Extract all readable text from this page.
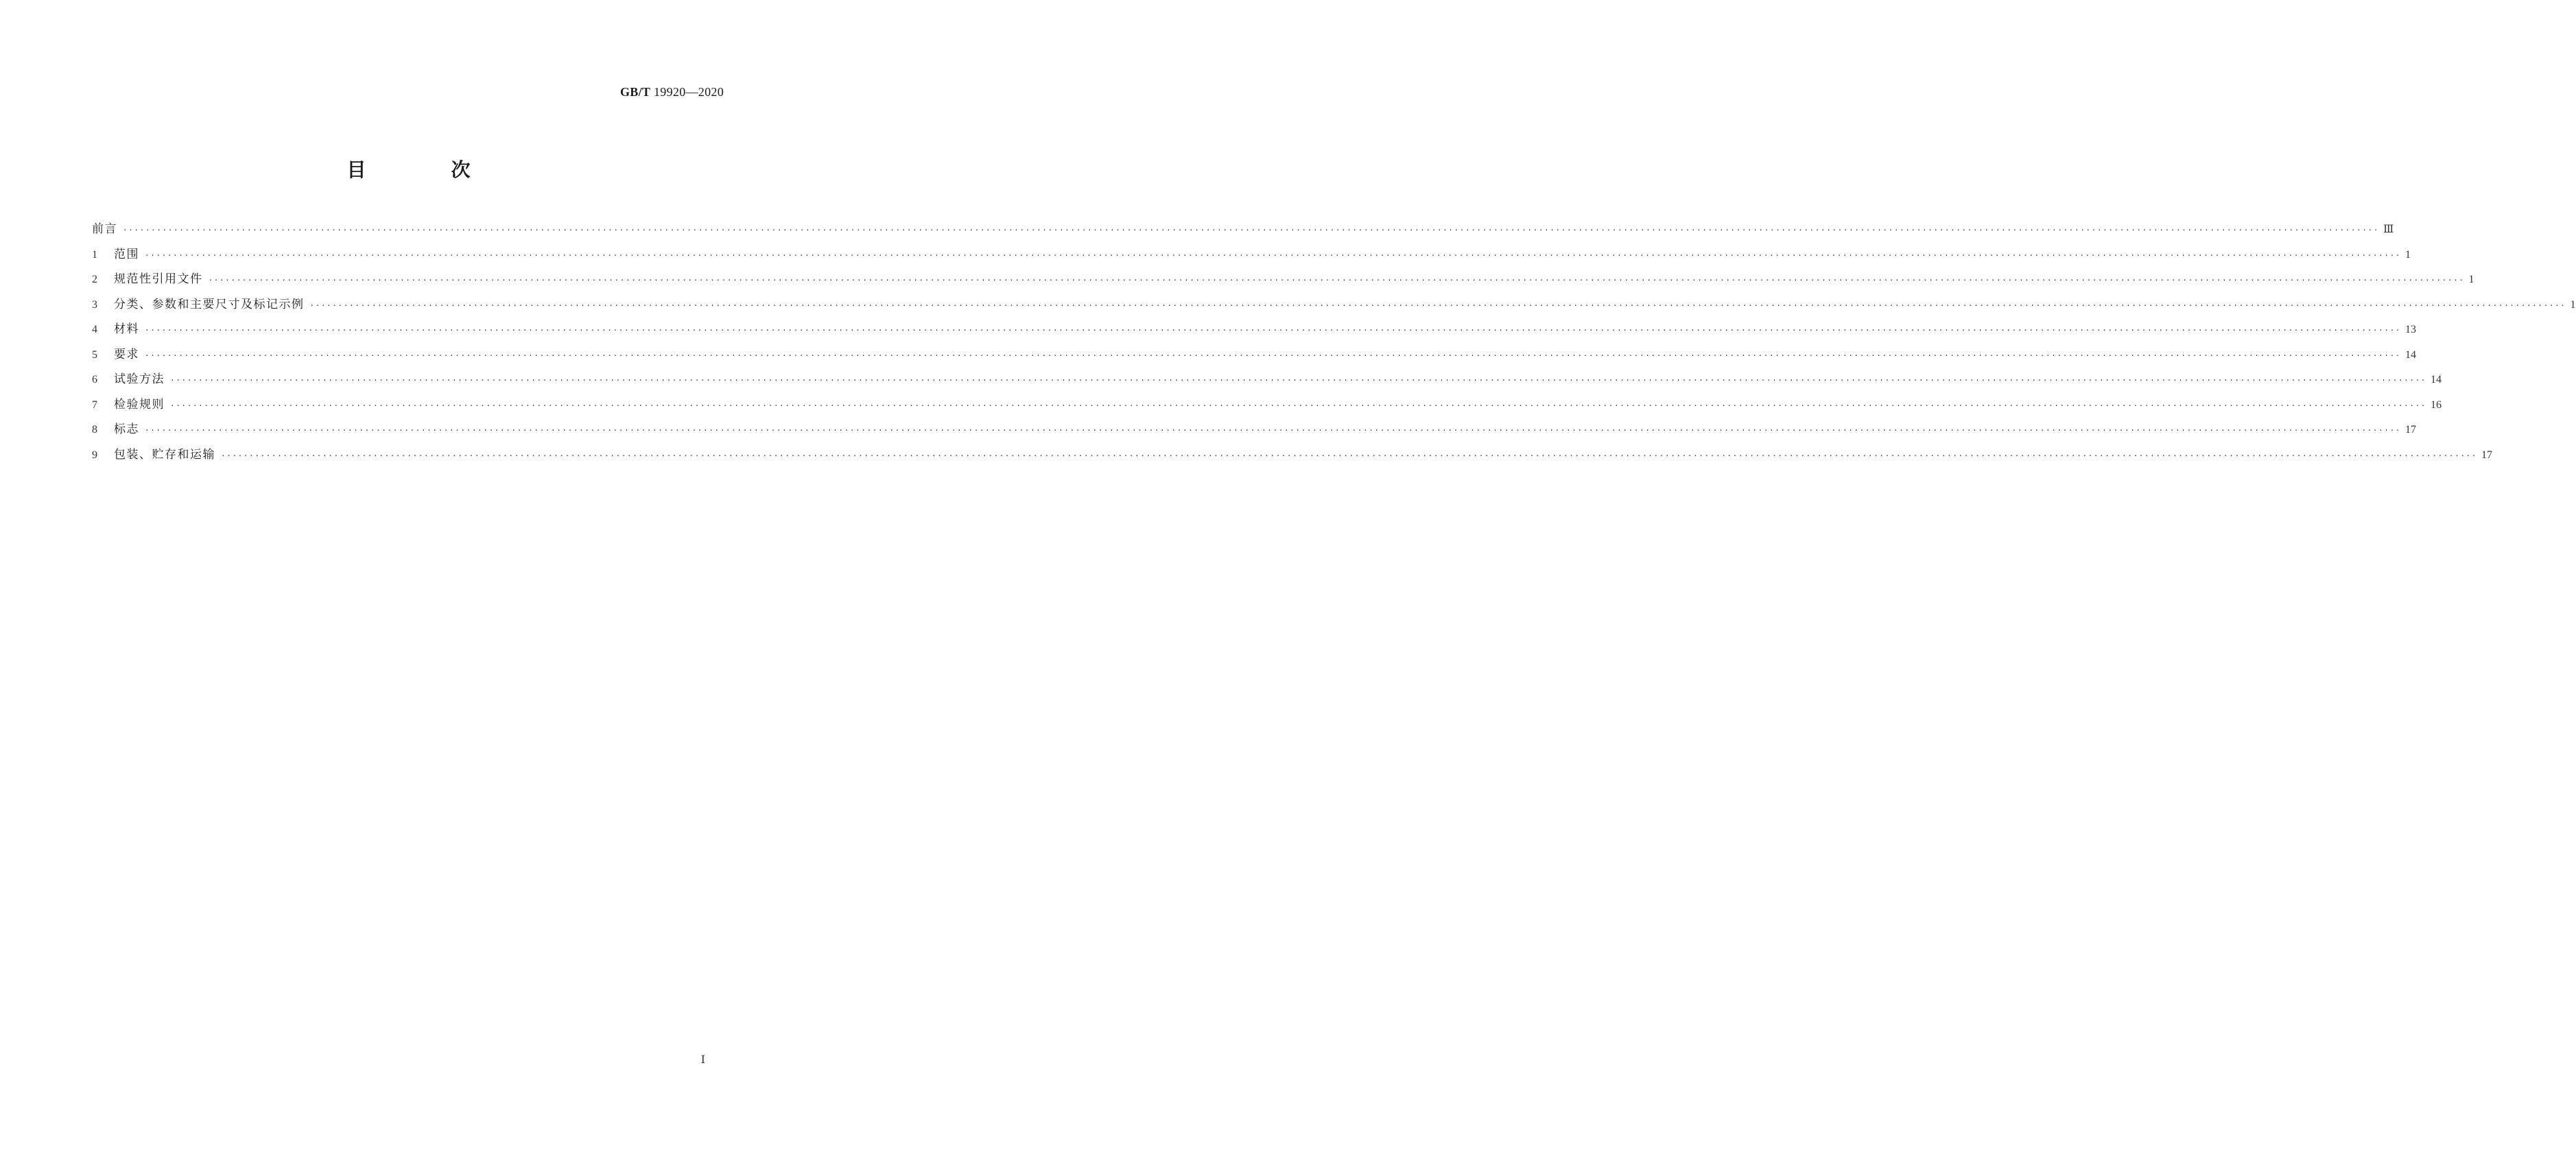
GB/T 19920—2020
目　次
前言 ················································································································································································································································································································································································································ Ⅲ
1	范围 ················································································································································································································································································································································································································ 1
2	规范性引用文件 ················································································································································································································································································································································································································ 1
3	分类、参数和主要尺寸及标记示例 ················································································································································································································································································································································································································ 1
4	材料 ················································································································································································································································································································································································································ 13
5	要求 ················································································································································································································································································································································································································ 14
6	试验方法 ················································································································································································································································································································································································································ 14
7	检验规则 ················································································································································································································································································································································································································ 16
8	标志 ················································································································································································································································································································································································································ 17
9	包装、贮存和运输 ················································································································································································································································································································································································································ 17
Ⅰ
